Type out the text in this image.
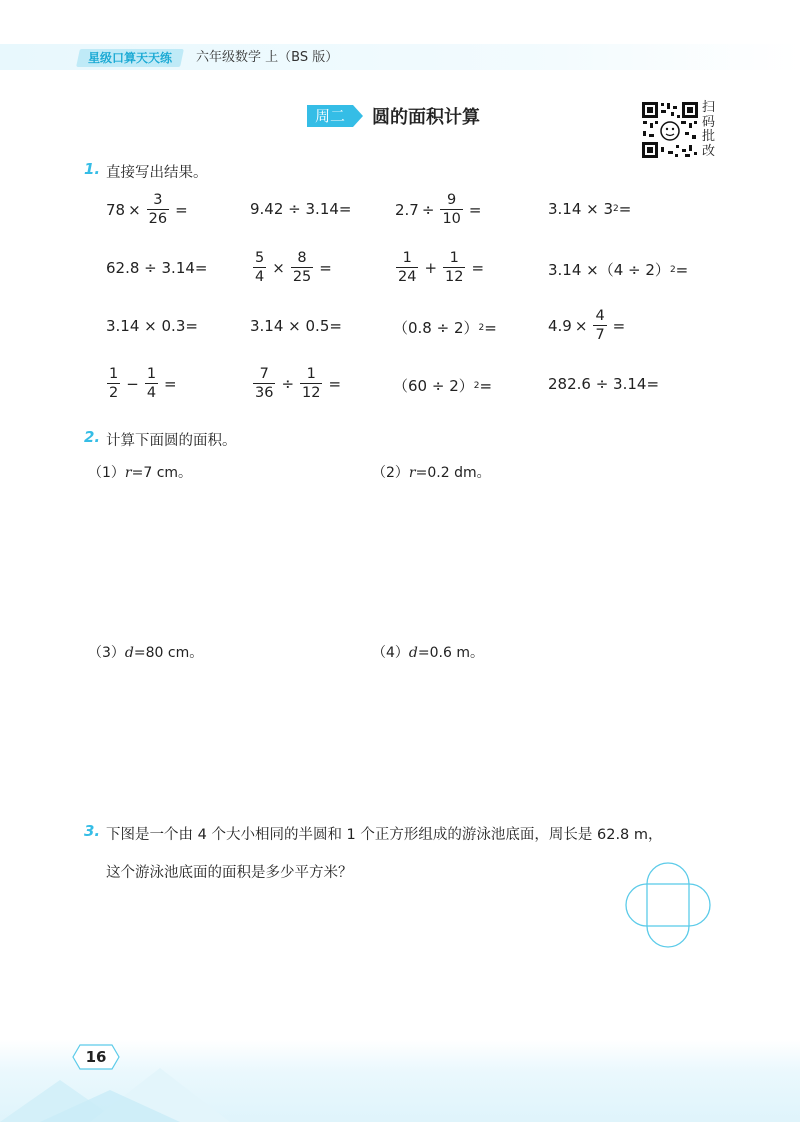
星级口算天天练	六年级数学 上（BS 版）
周二	圆的面积计算	扫
码
批
改
1. 直接写出结果。
$78 \times \frac{3}{26}$ =	9.42 ÷ 3.14=	$2.7 \div \frac{9}{10}$ =	3.14 × 3 2 =
62.8 ÷ 3.14=	$\frac{5}{4} \times \frac{8}{25}$ =	$\frac{1}{24} + \frac{1}{12}$ =	3.14 ×（4 ÷ 2） 2 =
3.14 × 0.3=	3.14 × 0.5=	（0.8 ÷ 2） 2 =	$4.9 \times \frac{4}{7}$ =
$\frac{1}{2} - \frac{1}{4}$ =	$\frac{7}{36} \div \frac{1}{12}$ =	（60 ÷ 2） 2 =	282.6 ÷ 3.14=
2. 计算下面圆的面积。
（1）r=7 cm。	（2）r=0.2 dm。
（3）d=80 cm。	（4）d=0.6 m。
3. 下图是一个由 4 个大小相同的半圆和 1 个正方形组成的游泳池底面，周长是 62.8 m，
这个游泳池底面的面积是多少平方米？
16
